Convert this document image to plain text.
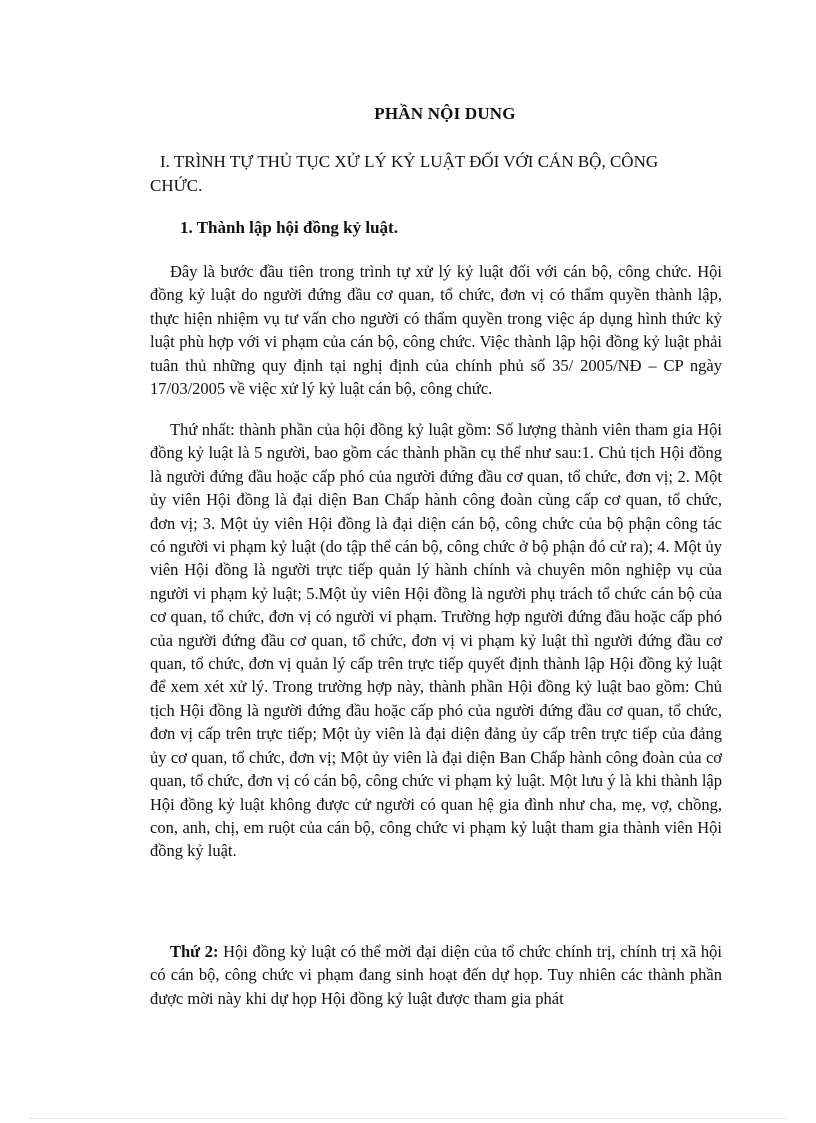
PHẦN NỘI DUNG
I. TRÌNH TỰ THỦ TỤC XỬ LÝ KỶ LUẬT ĐỐI VỚI CÁN BỘ, CÔNG
CHỨC.
1. Thành lập hội đồng kỷ luật.

Đây là bước đầu tiên trong trình tự xử lý kỷ luật đối với cán bộ, công chức. Hội đồng kỷ luật do người đứng đầu cơ quan, tổ chức, đơn vị có thẩm quyền thành lập, thực hiện nhiệm vụ tư vấn cho người có thẩm quyền trong việc áp dụng hình thức kỷ luật phù hợp với vi phạm của cán bộ, công chức. Việc thành lập hội đồng kỷ luật phải tuân thủ những quy định tại nghị định của chính phủ số 35/ 2005/NĐ – CP ngày 17/03/2005 về việc xử lý kỷ luật cán bộ, công chức.

Thứ nhất: thành phần của hội đồng kỷ luật gồm: Số lượng thành viên tham gia Hội đồng kỷ luật là 5 người, bao gồm các thành phần cụ thể như sau:1. Chủ tịch Hội đồng là người đứng đầu hoặc cấp phó của người đứng đầu cơ quan, tổ chức, đơn vị; 2. Một ủy viên Hội đồng là đại diện Ban Chấp hành công đoàn cùng cấp cơ quan, tổ chức, đơn vị; 3. Một ủy viên Hội đồng là đại diện cán bộ, công chức của bộ phận công tác có người vi phạm kỷ luật (do tập thể cán bộ, công chức ở bộ phận đó cử ra); 4. Một ủy viên Hội đồng là người trực tiếp quản lý hành chính và chuyên môn nghiệp vụ của người vi phạm kỷ luật; 5.Một ủy viên Hội đồng là người phụ trách tổ chức cán bộ của cơ quan, tổ chức, đơn vị có người vi phạm. Trường hợp người đứng đầu hoặc cấp phó của người đứng đầu cơ quan, tổ chức, đơn vị vi phạm kỷ luật thì người đứng đầu cơ quan, tổ chức, đơn vị quản lý cấp trên trực tiếp quyết định thành lập Hội đồng kỷ luật để xem xét xử lý. Trong trường hợp này, thành phần Hội đồng kỷ luật bao gồm: Chủ tịch Hội đồng là người đứng đầu hoặc cấp phó của người đứng đầu cơ quan, tổ chức, đơn vị cấp trên trực tiếp; Một ủy viên là đại diện đảng ủy cấp trên trực tiếp của đảng ủy cơ quan, tổ chức, đơn vị; Một ủy viên là đại diện Ban Chấp hành công đoàn của cơ quan, tổ chức, đơn vị có cán bộ, công chức vi phạm kỷ luật. Một lưu ý là khi thành lập Hội đồng kỷ luật không được cử người có quan hệ gia đình như cha, mẹ, vợ, chồng, con, anh, chị, em ruột của cán bộ, công chức vi phạm kỷ luật tham gia thành viên Hội đồng kỷ luật.

Thứ 2: Hội đồng kỷ luật có thể mời đại diện của tổ chức chính trị, chính trị xã hội có cán bộ, công chức vi phạm đang sinh hoạt đến dự họp. Tuy nhiên các thành phần được mời này khi dự họp Hội đồng kỷ luật được tham gia phát
